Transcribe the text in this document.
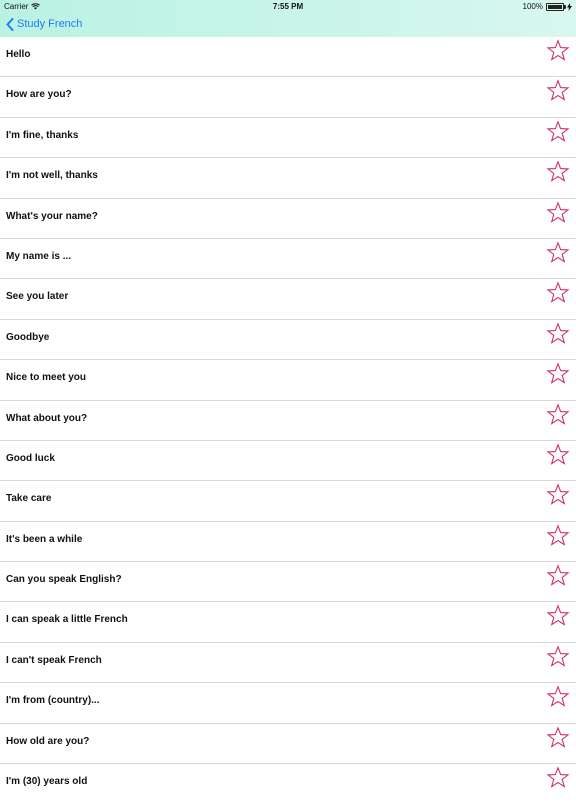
Carrier	7:55 PM	100%
Study French
Hello
How are you?
I'm fine, thanks
I'm not well, thanks
What's your name?
My name is ...
See you later
Goodbye
Nice to meet you
What about you?
Good luck
Take care
It's been a while
Can you speak English?
I can speak a little French
I can't speak French
I'm from (country)...
How old are you?
I'm (30) years old
